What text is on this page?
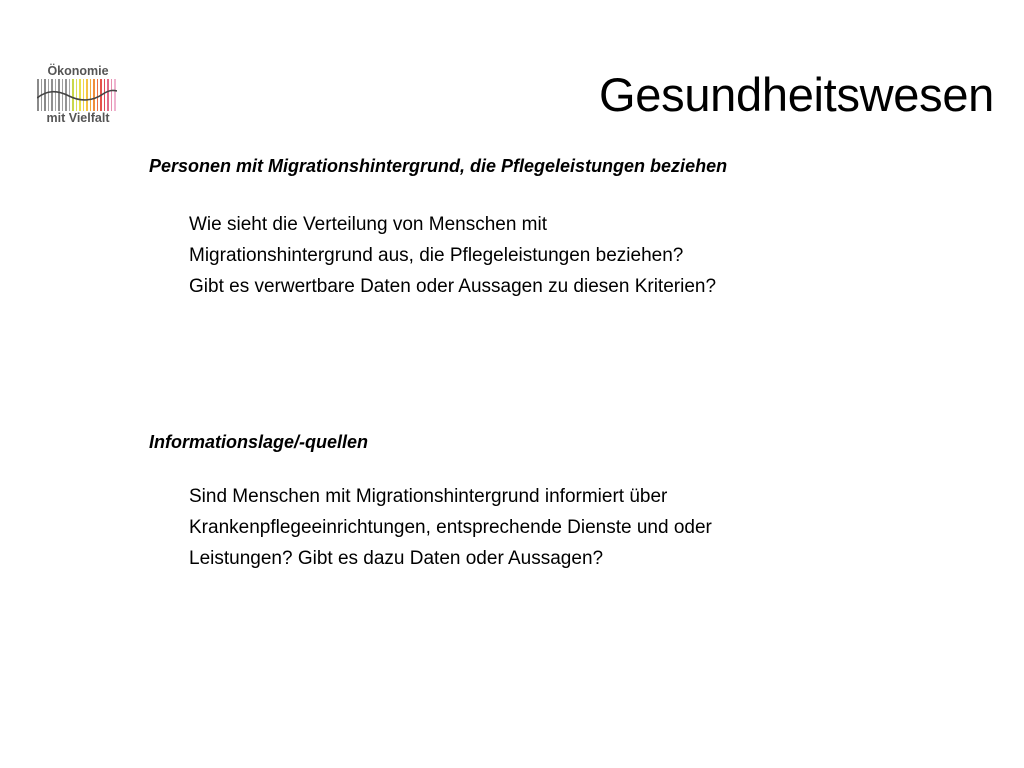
Ökonomie
mit Vielfalt	Gesundheitswesen
Personen mit Migrationshintergrund, die Pflegeleistungen beziehen
Wie sieht die Verteilung von Menschen mit
Migrationshintergrund aus, die Pflegeleistungen beziehen?
Gibt es verwertbare Daten oder Aussagen zu diesen Kriterien?
Informationslage/-quellen
Sind Menschen mit Migrationshintergrund informiert über
Krankenpflegeeinrichtungen, entsprechende Dienste und oder
Leistungen? Gibt es dazu Daten oder Aussagen?
